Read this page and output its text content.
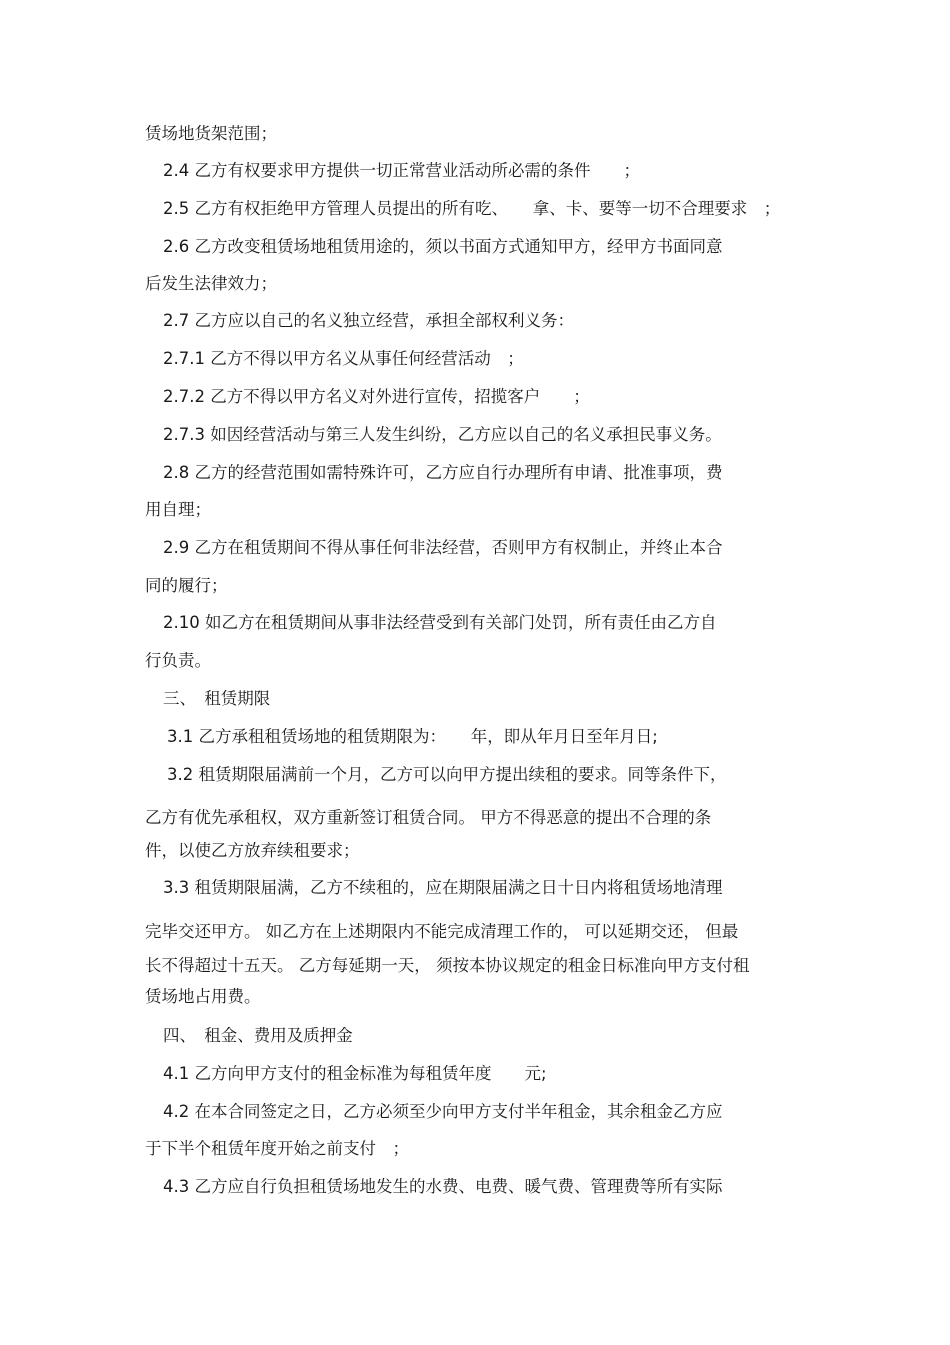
赁场地货架范围；
2.4 乙方有权要求甲方提供一切正常营业活动所必需的条件　　；
2.5 乙方有权拒绝甲方管理人员提出的所有吃、　　拿、卡、要等一切不合理要求　；
2.6 乙方改变租赁场地租赁用途的，须以书面方式通知甲方，经甲方书面同意
后发生法律效力；
2.7 乙方应以自己的名义独立经营，承担全部权利义务：
2.7.1 乙方不得以甲方名义从事任何经营活动　；
2.7.2 乙方不得以甲方名义对外进行宣传，招揽客户　　；
2.7.3 如因经营活动与第三人发生纠纷，乙方应以自己的名义承担民事义务。
2.8 乙方的经营范围如需特殊许可，乙方应自行办理所有申请、批准事项，费
用自理；
2.9 乙方在租赁期间不得从事任何非法经营，否则甲方有权制止，并终止本合
同的履行；
2.10 如乙方在租赁期间从事非法经营受到有关部门处罚，所有责任由乙方自
行负责。
三、　租赁期限
3.1 乙方承租租赁场地的租赁期限为：　　年，即从年月日至年月日;
3.2 租赁期限届满前一个月，乙方可以向甲方提出续租的要求。同等条件下，
乙方有优先承租权，双方重新签订租赁合同。 甲方不得恶意的提出不合理的条
件，以使乙方放弃续租要求；
3.3 租赁期限届满，乙方不续租的，应在期限届满之日十日内将租赁场地清理
完毕交还甲方。 如乙方在上述期限内不能完成清理工作的， 可以延期交还， 但最
长不得超过十五天。 乙方每延期一天， 须按本协议规定的租金日标准向甲方支付租
赁场地占用费。
四、　租金、费用及质押金
4.1 乙方向甲方支付的租金标准为每租赁年度　　元;
4.2 在本合同签定之日，乙方必须至少向甲方支付半年租金，其余租金乙方应
于下半个租赁年度开始之前支付　；
4.3 乙方应自行负担租赁场地发生的水费、电费、暖气费、管理费等所有实际
